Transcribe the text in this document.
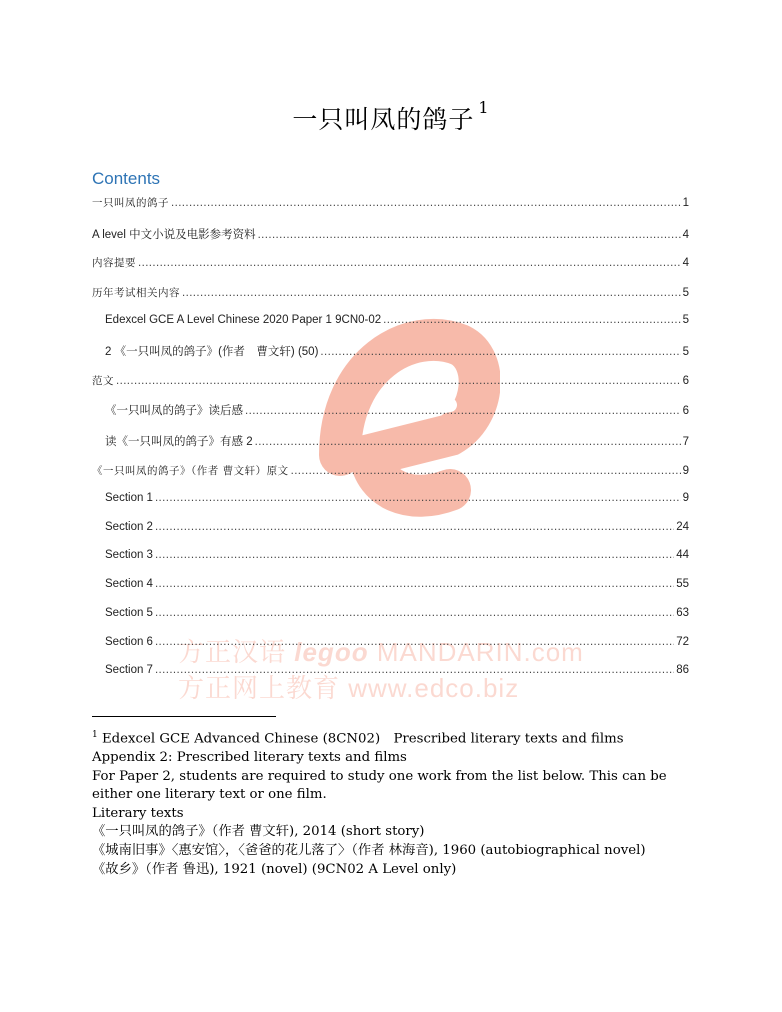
方正汉语 legoo MANDARIN.com
方正网上教育 www.edco.biz
一只叫凤的鸽子 $^1$
Contents
一只叫凤的鸽子 .....	1
A level 中文小说及电影参考资料 .....	4
内容提要 .....	4
历年考试相关内容 .....	5
Edexcel GCE A Level Chinese 2020 Paper 1 9CN0-02 .....	5
2 《一只叫凤的鸽子》(作者　曹文轩) (50) .....	5
范文 .....	6
《一只叫凤的鸽子》读后感 .....	6
读《一只叫凤的鸽子》有感 2 .....	7
《一只叫凤的鸽子》（作者 曹文轩）原文 .....	9
Section 1 .....	9
Section 2 .....	24
Section 3 .....	44
Section 4 .....	55
Section 5 .....	63
Section 6 .....	72
Section 7 .....	86
$^1$ Edexcel GCE Advanced Chinese (8CN02)　Prescribed literary texts and films
Appendix 2: Prescribed literary texts and films
For Paper 2, students are required to study one work from the list below. This can be either one literary text or one film.
Literary texts
《一只叫凤的鸽子》（作者 曹文轩), 2014 (short story)
《城南旧事》〈惠安馆〉，〈爸爸的花儿落了〉（作者 林海音), 1960 (autobiographical novel)
《故乡》（作者 鲁迅), 1921 (novel) (9CN02 A Level only)
